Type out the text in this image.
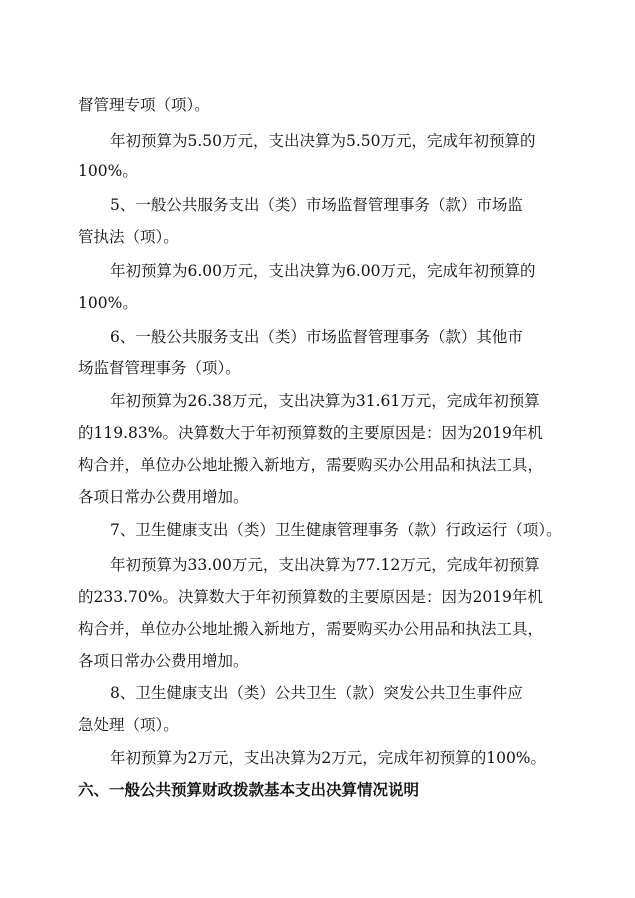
督管理专项（项）。
年初预算为5.50万元，支出决算为5.50万元，完成年初预算的
100%。
5、一般公共服务支出（类）市场监督管理事务（款）市场监
管执法（项）。
年初预算为6.00万元，支出决算为6.00万元，完成年初预算的
100%。
6、一般公共服务支出（类）市场监督管理事务（款）其他市
场监督管理事务（项）。
年初预算为26.38万元，支出决算为31.61万元，完成年初预算
的119.83%。决算数大于年初预算数的主要原因是：因为2019年机
构合并，单位办公地址搬入新地方，需要购买办公用品和执法工具，
各项日常办公费用增加。
7、卫生健康支出（类）卫生健康管理事务（款）行政运行（项）。
年初预算为33.00万元，支出决算为77.12万元，完成年初预算
的233.70%。决算数大于年初预算数的主要原因是：因为2019年机
构合并，单位办公地址搬入新地方，需要购买办公用品和执法工具，
各项日常办公费用增加。
8、卫生健康支出（类）公共卫生（款）突发公共卫生事件应
急处理（项）。
年初预算为2万元，支出决算为2万元，完成年初预算的100%。
六、一般公共预算财政拨款基本支出决算情况说明
